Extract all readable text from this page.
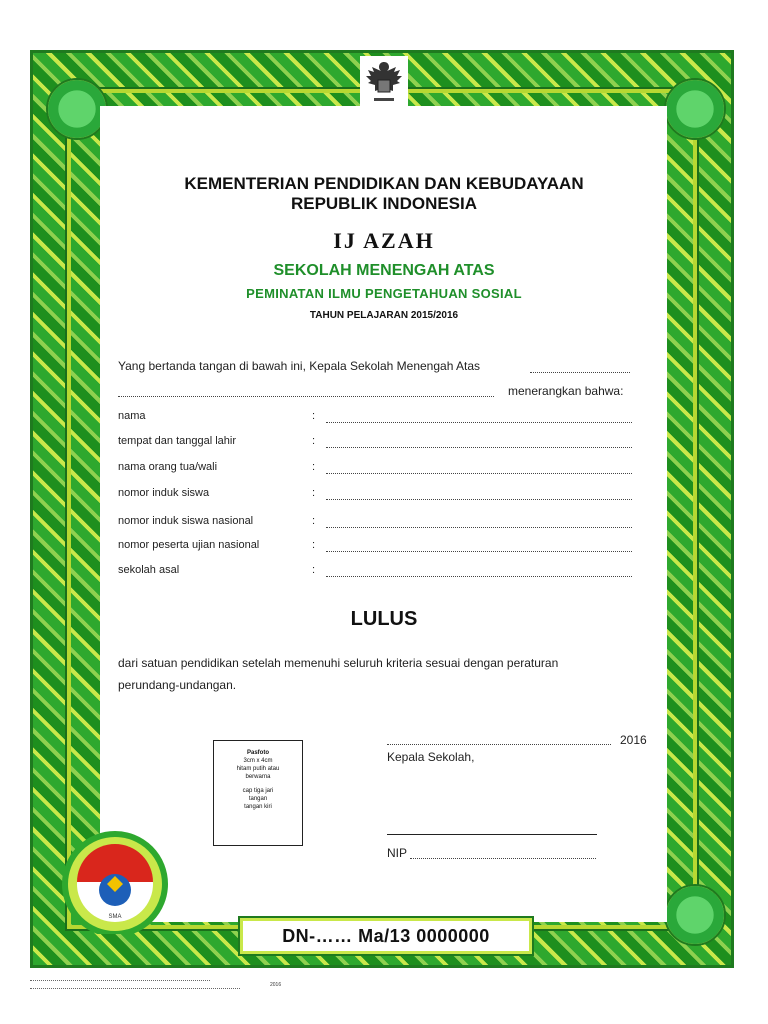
KEMENTERIAN PENDIDIKAN DAN KEBUDAYAAN
REPUBLIK INDONESIA
IJ AZAH
SEKOLAH MENENGAH ATAS
PEMINATAN ILMU PENGETAHUAN SOSIAL
TAHUN PELAJARAN 2015/2016
Yang bertanda tangan di bawah ini, Kepala Sekolah Menengah Atas
menerangkan bahwa:
nama	:
tempat dan tanggal lahir	:
nama orang tua/wali	:
nomor induk siswa	:
nomor induk siswa nasional	:
nomor peserta ujian nasional	:
sekolah asal	:
LULUS
dari satuan pendidikan setelah memenuhi seluruh kriteria sesuai dengan peraturan
perundang-undangan.
Pasfoto
3cm x 4cm
hitam putih atau
berwarna
cap tiga jari
tangan
tangan kiri
2016
Kepala Sekolah,
NIP
SMA
DN-…… Ma/13 0000000
2016
